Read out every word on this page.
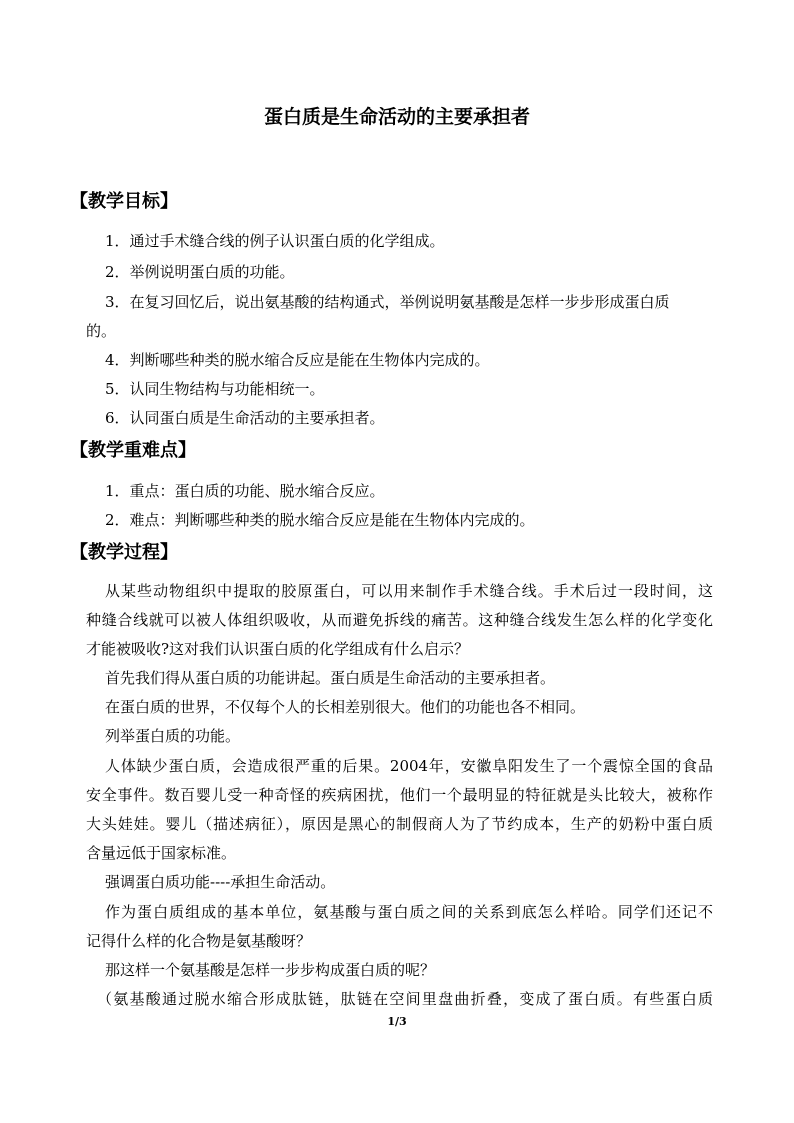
蛋白质是生命活动的主要承担者
【教学目标】
1．通过手术缝合线的例子认识蛋白质的化学组成。
2．举例说明蛋白质的功能。
3．在复习回忆后，说出氨基酸的结构通式，举例说明氨基酸是怎样一步步形成蛋白质
的。
4．判断哪些种类的脱水缩合反应是能在生物体内完成的。
5．认同生物结构与功能相统一。
6．认同蛋白质是生命活动的主要承担者。
【教学重难点】
1．重点：蛋白质的功能、脱水缩合反应。
2．难点：判断哪些种类的脱水缩合反应是能在生物体内完成的。
【教学过程】
从某些动物组织中提取的胶原蛋白，可以用来制作手术缝合线。手术后过一段时间，这
种缝合线就可以被人体组织吸收，从而避免拆线的痛苦。这种缝合线发生怎么样的化学变化
才能被吸收?这对我们认识蛋白质的化学组成有什么启示？
首先我们得从蛋白质的功能讲起。蛋白质是生命活动的主要承担者。
在蛋白质的世界，不仅每个人的长相差别很大。他们的功能也各不相同。
列举蛋白质的功能。
人体缺少蛋白质，会造成很严重的后果。2004年，安徽阜阳发生了一个震惊全国的食品
安全事件。数百婴儿受一种奇怪的疾病困扰，他们一个最明显的特征就是头比较大，被称作
大头娃娃。婴儿（描述病征），原因是黑心的制假商人为了节约成本，生产的奶粉中蛋白质
含量远低于国家标准。
强调蛋白质功能----承担生命活动。
作为蛋白质组成的基本单位，氨基酸与蛋白质之间的关系到底怎么样哈。同学们还记不
记得什么样的化合物是氨基酸呀？
那这样一个氨基酸是怎样一步步构成蛋白质的呢？
（氨基酸通过脱水缩合形成肽链，肽链在空间里盘曲折叠，变成了蛋白质。有些蛋白质
1/3
